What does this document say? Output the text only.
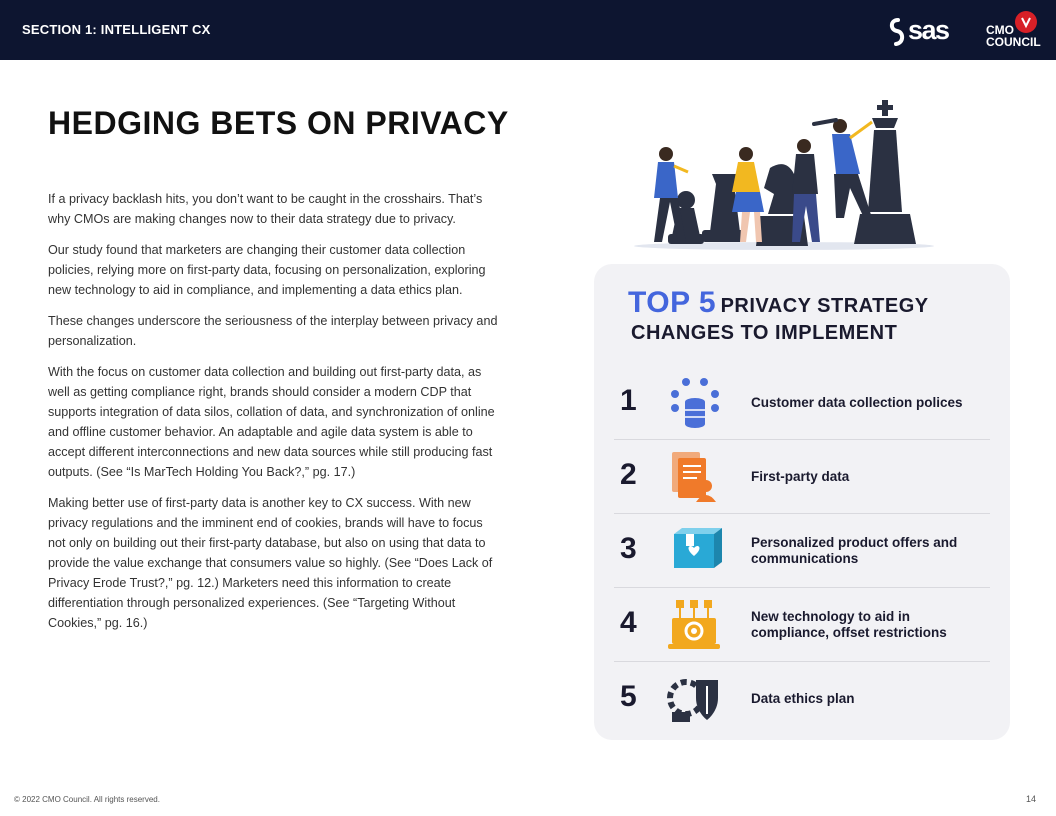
SECTION 1: INTELLIGENT CX	sas	CMO
COUNCIL
HEDGING BETS ON PRIVACY

If a privacy backlash hits, you don’t want to be caught in the crosshairs. That’s why CMOs are making changes now to their data strategy due to privacy.

Our study found that marketers are changing their customer data collection policies, relying more on first-party data, focusing on personalization, exploring new technology to aid in compliance, and implementing a data ethics plan.

These changes underscore the seriousness of the interplay between privacy and personalization.

With the focus on customer data collection and building out first-party data, as well as getting compliance right, brands should consider a modern CDP that supports integration of data silos, collation of data, and synchronization of online and offline customer behavior. An adaptable and agile data system is able to accept different interconnections and new data sources while still producing fast outputs. (See “Is MarTech Holding You Back?,” pg. 17.)

Making better use of first-party data is another key to CX success. With new privacy regulations and the imminent end of cookies, brands will have to focus not only on building out their first-party database, but also on using that data to provide the value exchange that consumers value so highly. (See “Does Lack of Privacy Erode Trust?,” pg. 12.) Marketers need this information to create differentiation through personalized experiences. (See “Targeting Without Cookies,” pg. 16.)

TOP 5 PRIVACY STRATEGY
CHANGES TO IMPLEMENT
1	Customer data collection polices
2	First-party data
3	Personalized product offers and communications
4	New technology to aid in compliance, offset restrictions
5	Data ethics plan
© 2022 CMO Council. All rights reserved.	14
